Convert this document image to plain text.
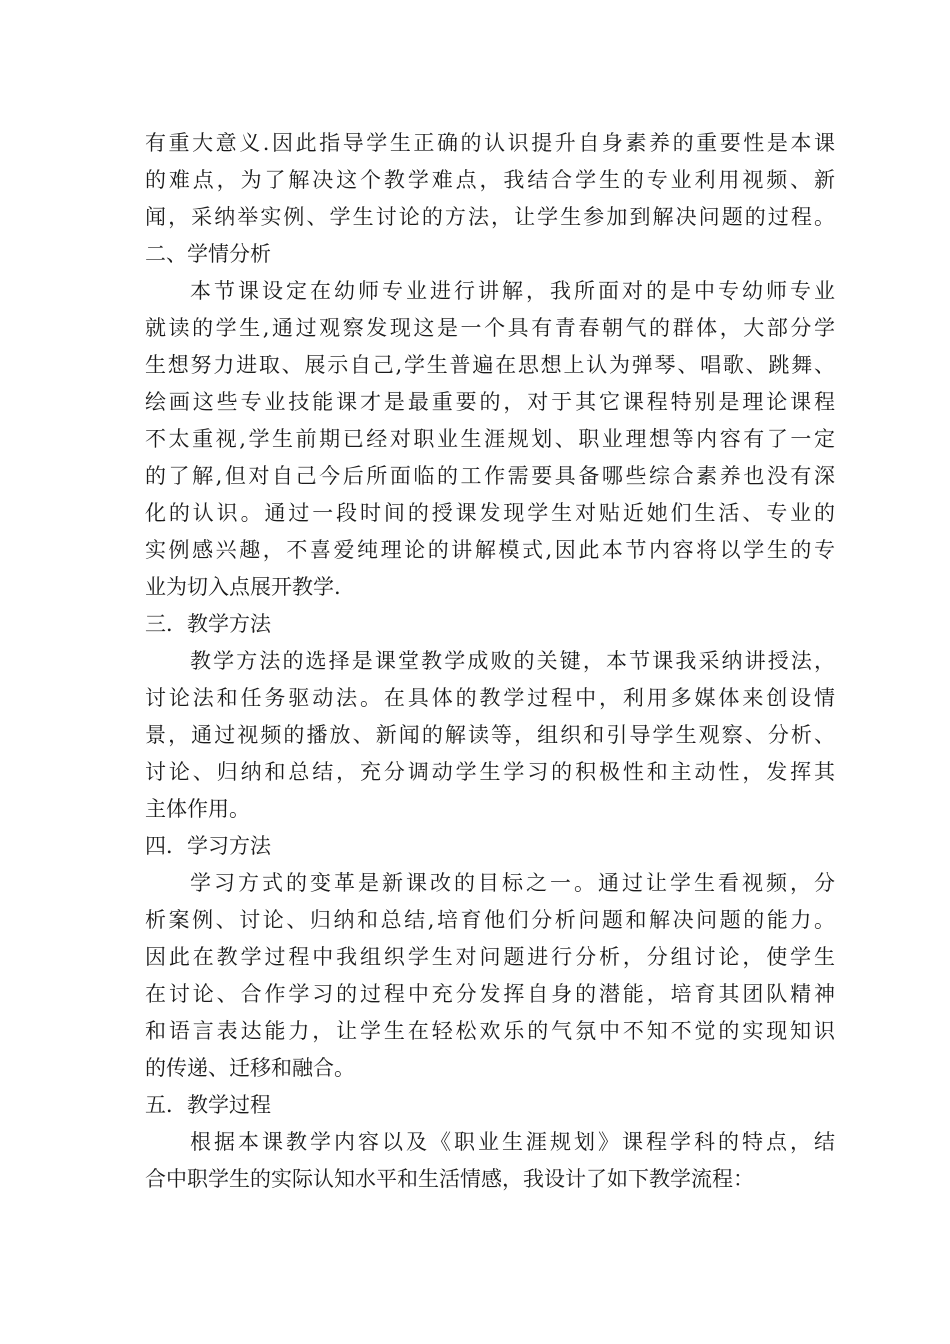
有重大意义.因此指导学生正确的认识提升自身素养的重要性是本课
的难点，为了解决这个教学难点，我结合学生的专业利用视频、新
闻，采纳举实例、学生讨论的方法，让学生参加到解决问题的过程。
二、学情分析
本节课设定在幼师专业进行讲解，我所面对的是中专幼师专业
就读的学生,通过观察发现这是一个具有青春朝气的群体，大部分学
生想努力进取、展示自己,学生普遍在思想上认为弹琴、唱歌、跳舞、
绘画这些专业技能课才是最重要的，对于其它课程特别是理论课程
不太重视,学生前期已经对职业生涯规划、职业理想等内容有了一定
的了解,但对自己今后所面临的工作需要具备哪些综合素养也没有深
化的认识。通过一段时间的授课发现学生对贴近她们生活、专业的
实例感兴趣，不喜爱纯理论的讲解模式,因此本节内容将以学生的专
业为切入点展开教学.
三．教学方法
教学方法的选择是课堂教学成败的关键，本节课我采纳讲授法，
讨论法和任务驱动法。在具体的教学过程中，利用多媒体来创设情
景，通过视频的播放、新闻的解读等，组织和引导学生观察、分析、
讨论、归纳和总结，充分调动学生学习的积极性和主动性，发挥其
主体作用。
四．学习方法
学习方式的变革是新课改的目标之一。通过让学生看视频，分
析案例、讨论、归纳和总结,培育他们分析问题和解决问题的能力。
因此在教学过程中我组织学生对问题进行分析，分组讨论，使学生
在讨论、合作学习的过程中充分发挥自身的潜能，培育其团队精神
和语言表达能力，让学生在轻松欢乐的气氛中不知不觉的实现知识
的传递、迁移和融合。
五．教学过程
根据本课教学内容以及《职业生涯规划》课程学科的特点，结
合中职学生的实际认知水平和生活情感，我设计了如下教学流程：
